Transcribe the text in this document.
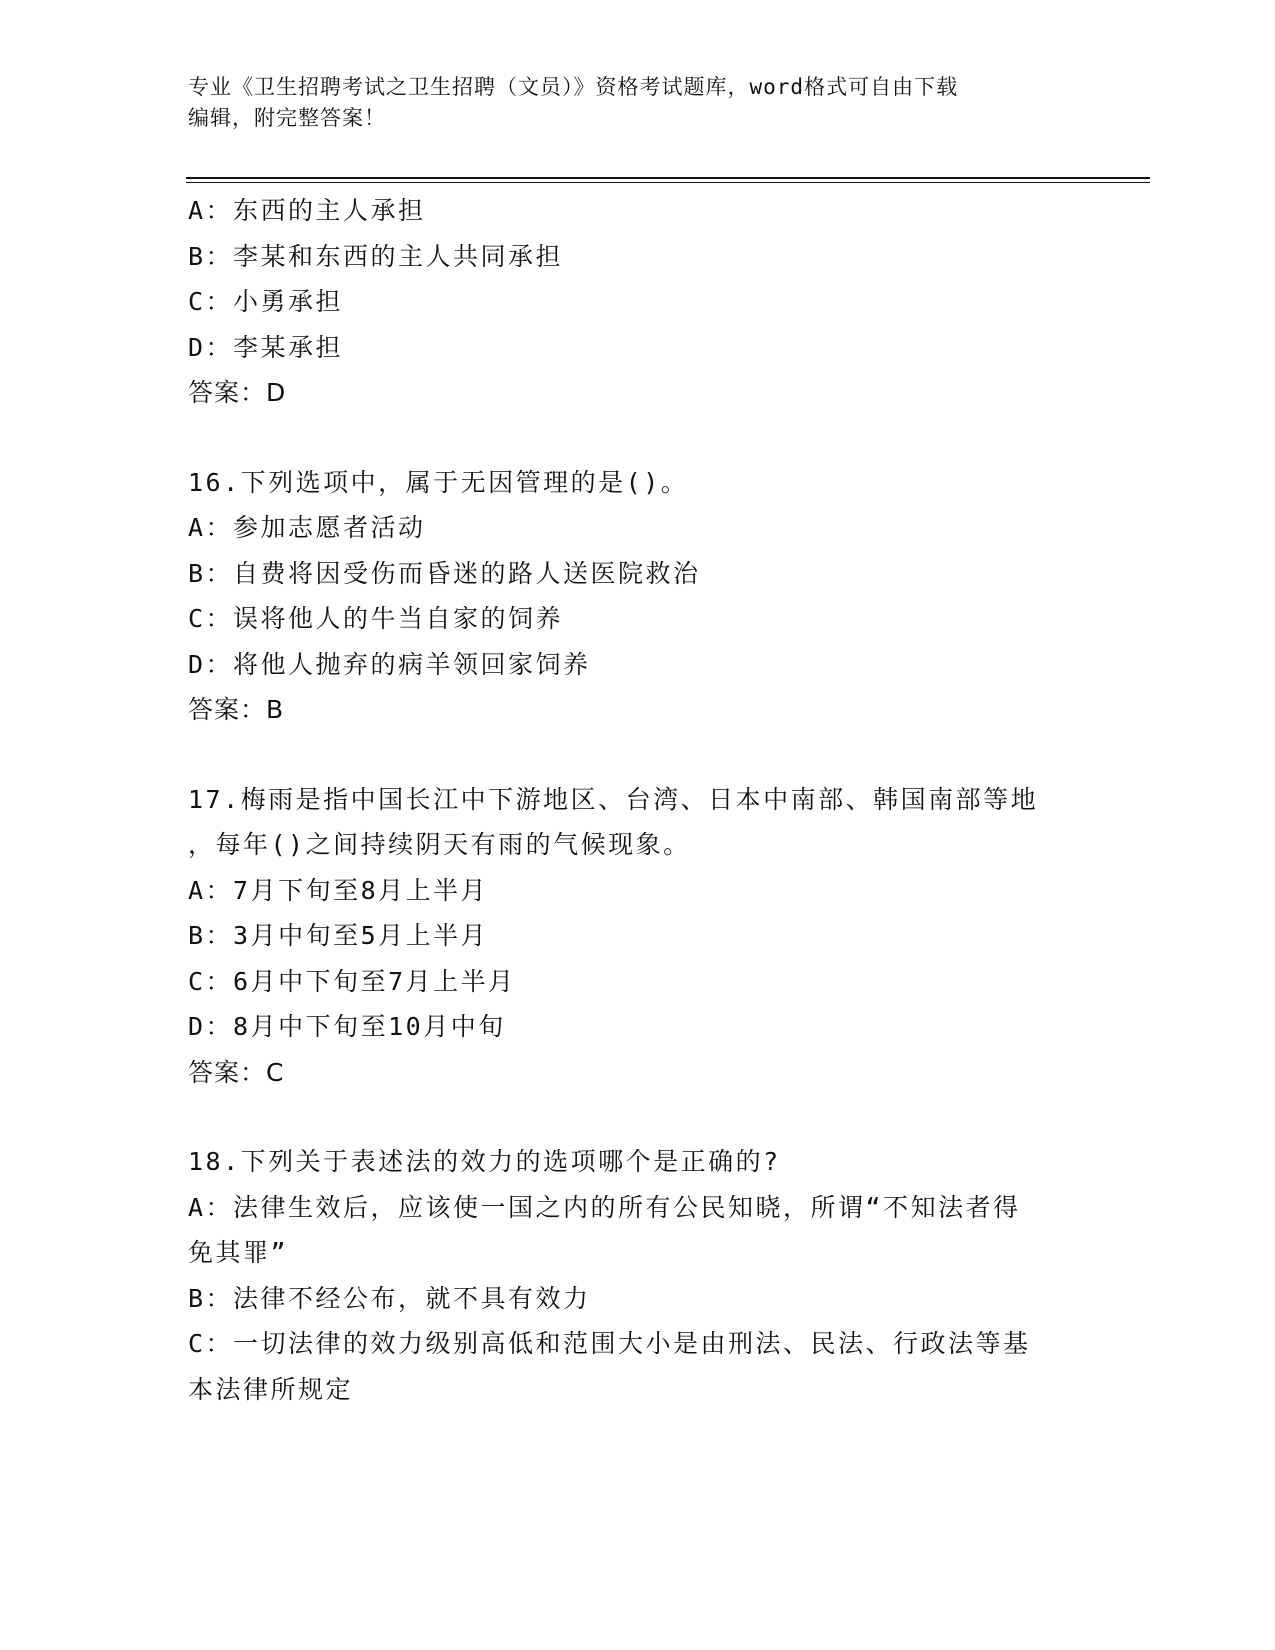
专业《卫生招聘考试之卫生招聘（文员）》资格考试题库，word格式可自由下载
编辑，附完整答案！
A：东西的主人承担
B：李某和东西的主人共同承担
C：小勇承担
D：李某承担
答案：D
16.下列选项中，属于无因管理的是()。
A：参加志愿者活动
B：自费将因受伤而昏迷的路人送医院救治
C：误将他人的牛当自家的饲养
D：将他人抛弃的病羊领回家饲养
答案：B
17.梅雨是指中国长江中下游地区、台湾、日本中南部、韩国南部等地
，每年()之间持续阴天有雨的气候现象。
A：7月下旬至8月上半月
B：3月中旬至5月上半月
C：6月中下旬至7月上半月
D：8月中下旬至10月中旬
答案：C
18.下列关于表述法的效力的选项哪个是正确的?
A：法律生效后，应该使一国之内的所有公民知晓，所谓“不知法者得
免其罪”
B：法律不经公布，就不具有效力
C：一切法律的效力级别高低和范围大小是由刑法、民法、行政法等基
本法律所规定
